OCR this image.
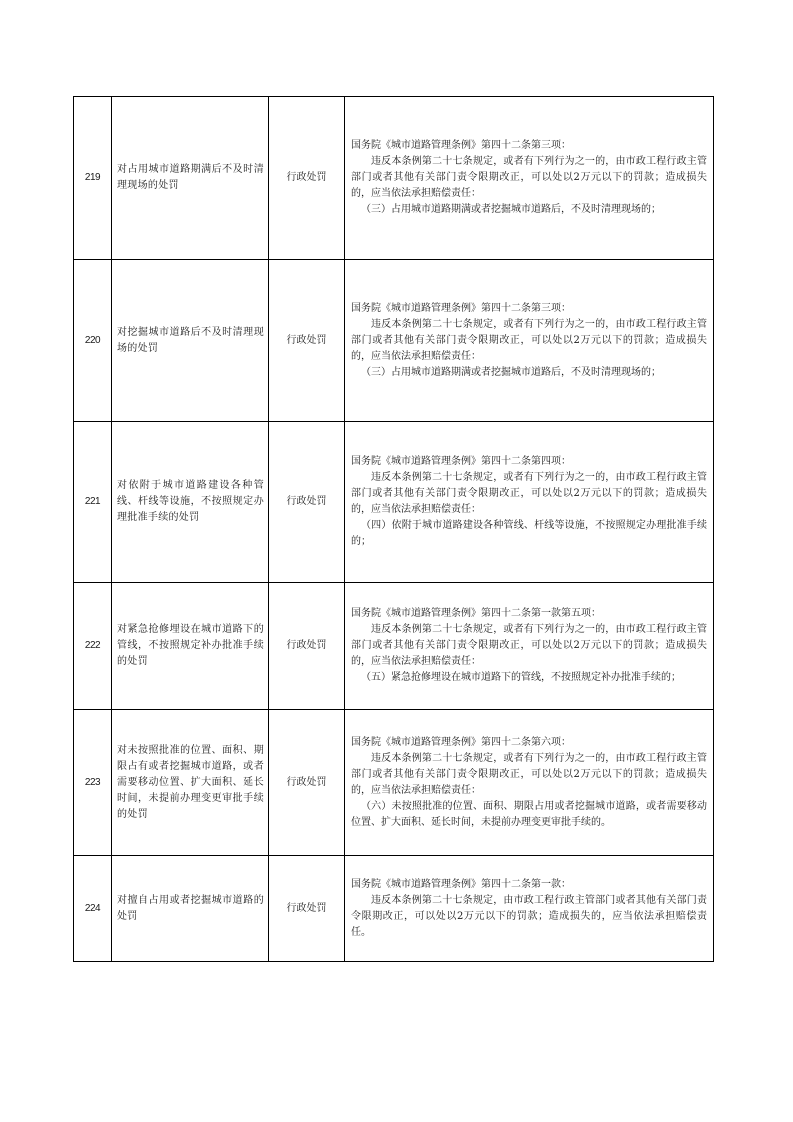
219	对占用城市道路期满后不及时清理现场的处罚	行政处罚	国务院《城市道路管理条例》第四十二条第三项：
违反本条例第二十七条规定，或者有下列行为之一的，由市政工程行政主管部门或者其他有关部门责令限期改正，可以处以2万元以下的罚款；造成损失的，应当依法承担赔偿责任：
（三）占用城市道路期满或者挖掘城市道路后，不及时清理现场的；

220	对挖掘城市道路后不及时清理现场的处罚	行政处罚	国务院《城市道路管理条例》第四十二条第三项：
违反本条例第二十七条规定，或者有下列行为之一的，由市政工程行政主管部门或者其他有关部门责令限期改正，可以处以2万元以下的罚款；造成损失的，应当依法承担赔偿责任：
（三）占用城市道路期满或者挖掘城市道路后，不及时清理现场的；

221	对依附于城市道路建设各种管线、杆线等设施，不按照规定办理批准手续的处罚	行政处罚	国务院《城市道路管理条例》第四十二条第四项：
违反本条例第二十七条规定，或者有下列行为之一的，由市政工程行政主管部门或者其他有关部门责令限期改正，可以处以2万元以下的罚款；造成损失的，应当依法承担赔偿责任：
（四）依附于城市道路建设各种管线、杆线等设施，不按照规定办理批准手续的；

222	对紧急抢修埋设在城市道路下的管线，不按照规定补办批准手续的处罚	行政处罚	国务院《城市道路管理条例》第四十二条第一款第五项：
违反本条例第二十七条规定，或者有下列行为之一的，由市政工程行政主管部门或者其他有关部门责令限期改正，可以处以2万元以下的罚款；造成损失的，应当依法承担赔偿责任：
（五）紧急抢修埋设在城市道路下的管线，不按照规定补办批准手续的；

223	对未按照批准的位置、面积、期限占有或者挖掘城市道路，或者需要移动位置、扩大面积、延长时间，未提前办理变更审批手续的处罚	行政处罚	国务院《城市道路管理条例》第四十二条第六项：
违反本条例第二十七条规定，或者有下列行为之一的，由市政工程行政主管部门或者其他有关部门责令限期改正，可以处以2万元以下的罚款；造成损失的，应当依法承担赔偿责任：
（六）未按照批准的位置、面积、期限占用或者挖掘城市道路，或者需要移动位置、扩大面积、延长时间，未提前办理变更审批手续的。

224	对擅自占用或者挖掘城市道路的处罚	行政处罚	国务院《城市道路管理条例》第四十二条第一款：
违反本条例第二十七条规定，由市政工程行政主管部门或者其他有关部门责令限期改正，可以处以2万元以下的罚款；造成损失的，应当依法承担赔偿责任。
